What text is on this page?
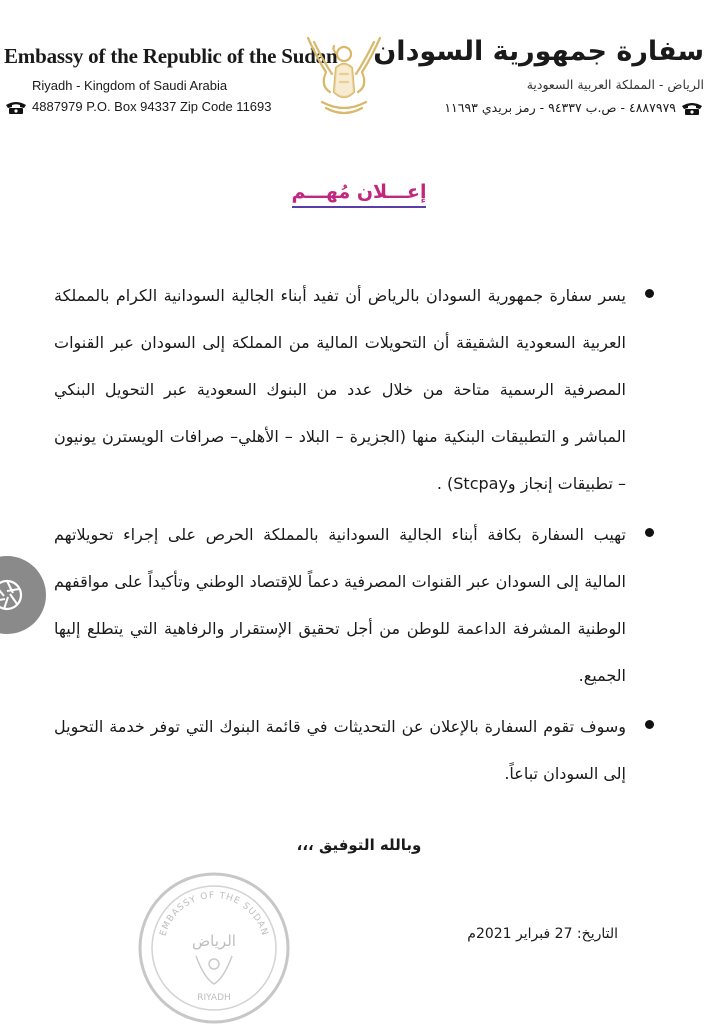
Embassy of the Republic of the Sudan
Riyadh - Kingdom of Saudi Arabia
4887979 P.O. Box 94337 Zip Code 11693
سفارة جمهورية السودان
الرياض - المملكة العربية السعودية
٤٨٨٧٩٧٩ - ص.ب ٩٤٣٣٧ - رمز بريدي ١١٦٩٣
إعـــلان مُهـــم

يسر سفارة جمهورية السودان بالرياض أن تفيد أبناء الجالية السودانية الكرام بالمملكة العربية السعودية الشقيقة أن التحويلات المالية من المملكة إلى السودان عبر القنوات المصرفية الرسمية متاحة من خلال عدد من البنوك السعودية عبر التحويل البنكي المباشر و التطبيقات البنكية منها (الجزيرة – البلاد – الأهلي– صرافات الويسترن يونيون – تطبيقات إنجاز وStcpay) .

تهيب السفارة بكافة أبناء الجالية السودانية بالمملكة الحرص على إجراء تحويلاتهم المالية إلى السودان عبر القنوات المصرفية دعماً للإقتصاد الوطني وتأكيداً على مواقفهم الوطنية المشرفة الداعمة للوطن من أجل تحقيق الإستقرار والرفاهية التي يتطلع إليها الجميع.

وسوف تقوم السفارة بالإعلان عن التحديثات في قائمة البنوك التي توفر خدمة التحويل إلى السودان تباعاً.

وبالله التوفيق ،،،
EMBASSY OF THE SUDAN
الرياض
RIYADH
التاريخ: 27 فبراير 2021م
